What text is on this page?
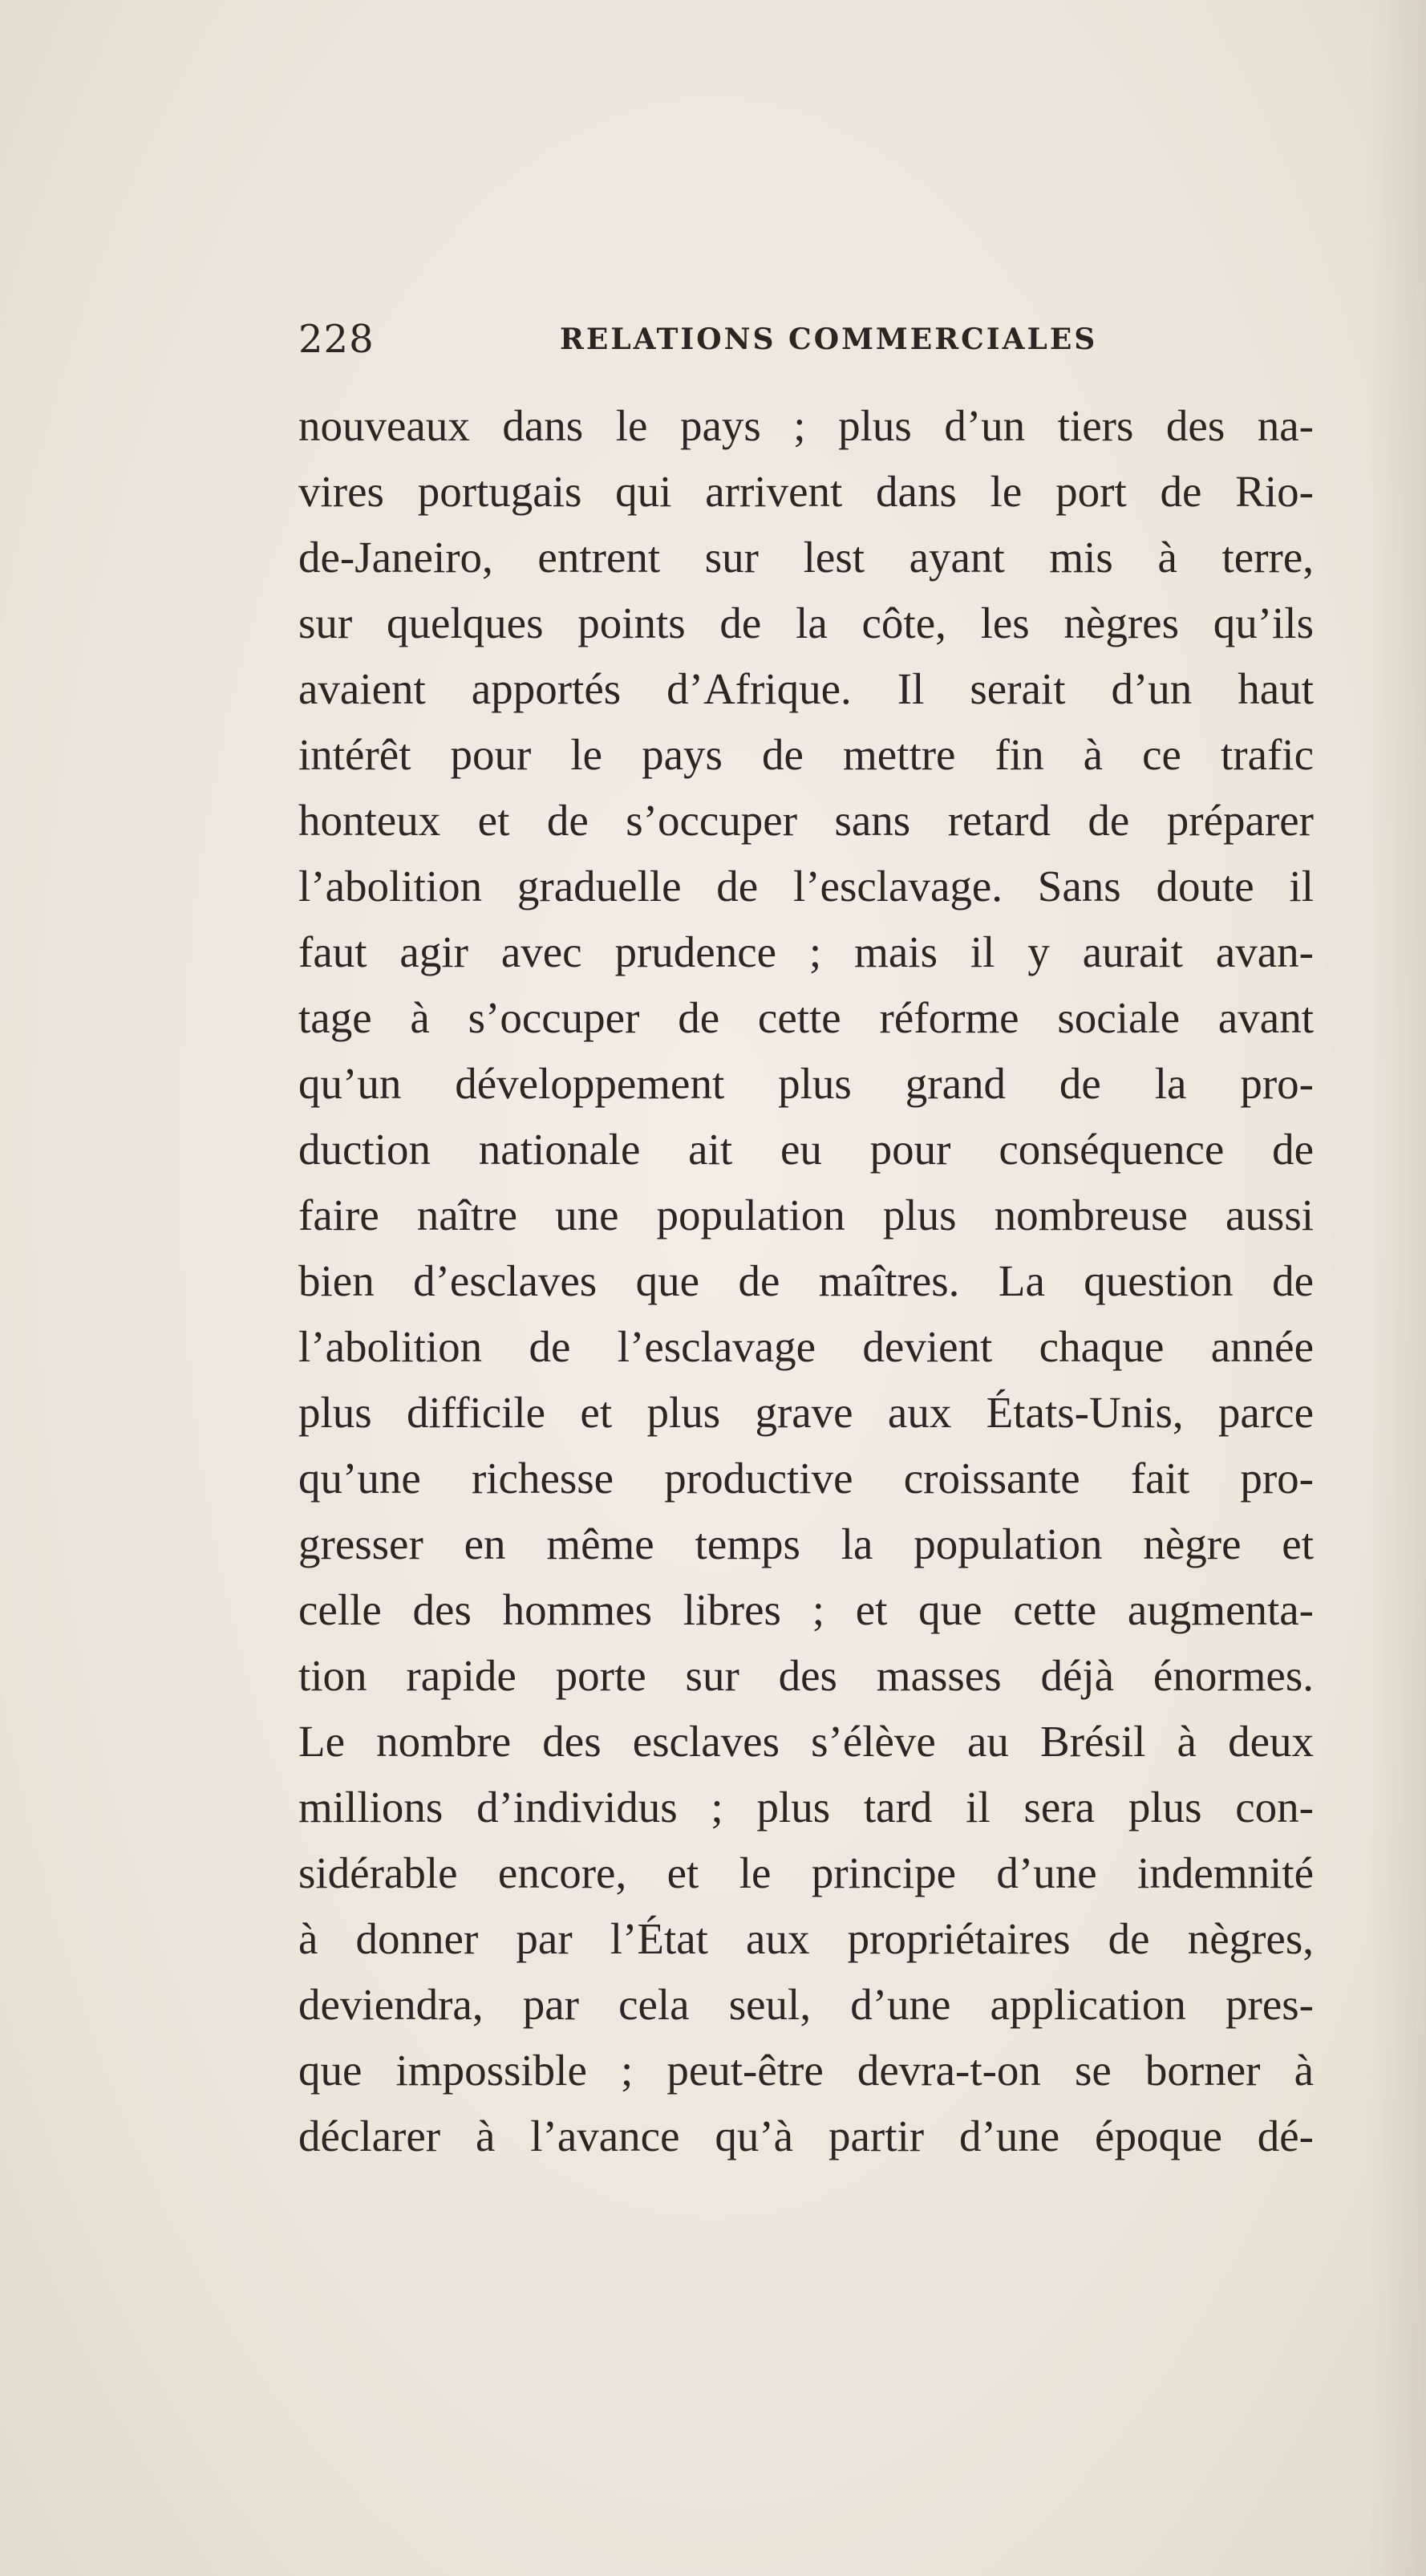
228	RELATIONS COMMERCIALES
nouveaux dans le pays ; plus d’un tiers des na-
vires portugais qui arrivent dans le port de Rio-
de-Janeiro, entrent sur lest ayant mis à terre,
sur quelques points de la côte, les nègres qu’ils
avaient apportés d’Afrique. Il serait d’un haut
intérêt pour le pays de mettre fin à ce trafic
honteux et de s’occuper sans retard de préparer
l’abolition graduelle de l’esclavage. Sans doute il
faut agir avec prudence ; mais il y aurait avan-
tage à s’occuper de cette réforme sociale avant
qu’un développement plus grand de la pro-
duction nationale ait eu pour conséquence de
faire naître une population plus nombreuse aussi
bien d’esclaves que de maîtres. La question de
l’abolition de l’esclavage devient chaque année
plus difficile et plus grave aux États-Unis, parce
qu’une richesse productive croissante fait pro-
gresser en même temps la population nègre et
celle des hommes libres ; et que cette augmenta-
tion rapide porte sur des masses déjà énormes.
Le nombre des esclaves s’élève au Brésil à deux
millions d’individus ; plus tard il sera plus con-
sidérable encore, et le principe d’une indemnité
à donner par l’État aux propriétaires de nègres,
deviendra, par cela seul, d’une application pres-
que impossible ; peut-être devra-t-on se borner à
déclarer à l’avance qu’à partir d’une époque dé-
